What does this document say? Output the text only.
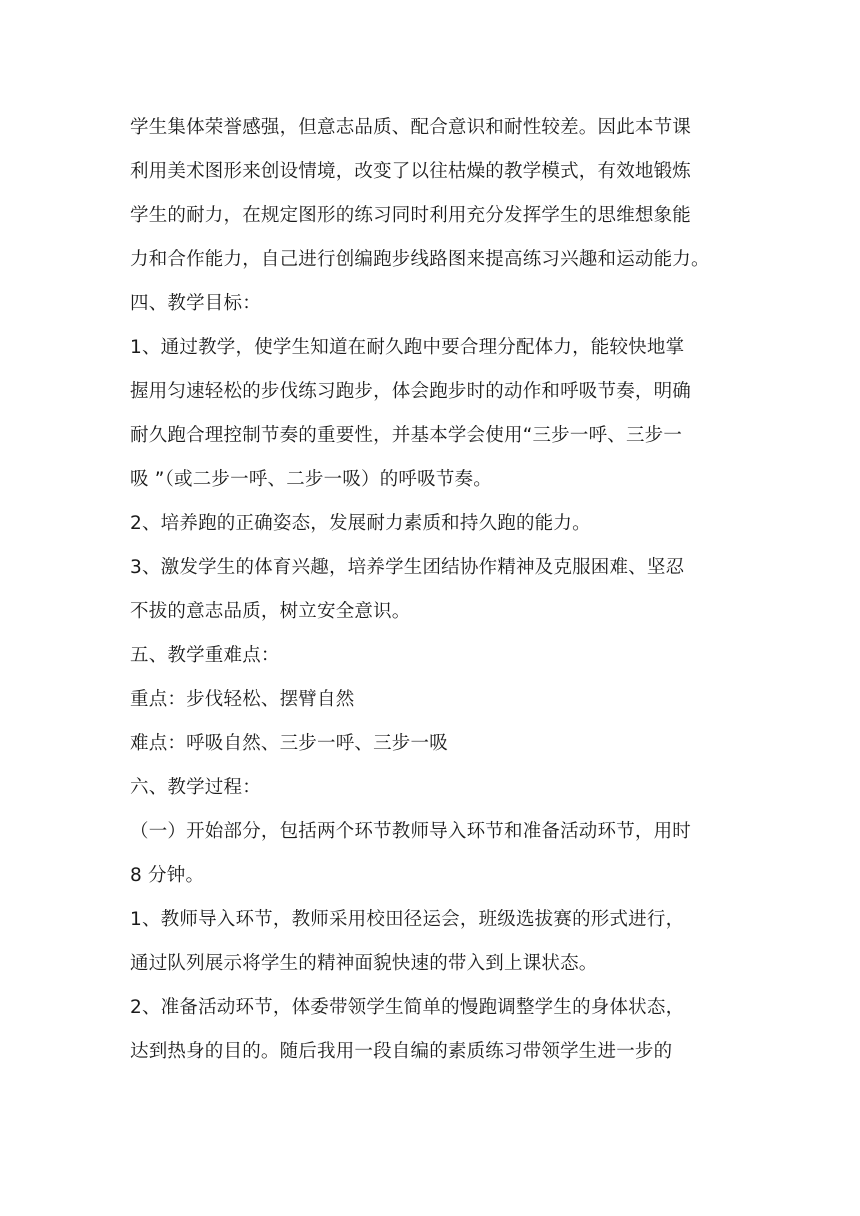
学生集体荣誉感强，但意志品质、配合意识和耐性较差。因此本节课
利用美术图形来创设情境，改变了以往枯燥的教学模式，有效地锻炼
学生的耐力，在规定图形的练习同时利用充分发挥学生的思维想象能
力和合作能力，自己进行创编跑步线路图来提高练习兴趣和运动能力。
四、教学目标：
1、通过教学，使学生知道在耐久跑中要合理分配体力，能较快地掌
握用匀速轻松的步伐练习跑步，体会跑步时的动作和呼吸节奏，明确
耐久跑合理控制节奏的重要性，并基本学会使用“三步一呼、三步一
吸 ”（或二步一呼、二步一吸）的呼吸节奏。
2、培养跑的正确姿态，发展耐力素质和持久跑的能力。
3、激发学生的体育兴趣，培养学生团结协作精神及克服困难、坚忍
不拔的意志品质，树立安全意识。
五、教学重难点：
重点：步伐轻松、摆臂自然
难点：呼吸自然、三步一呼、三步一吸
六、教学过程：
（一）开始部分，包括两个环节教师导入环节和准备活动环节，用时
8 分钟。
1、教师导入环节，教师采用校田径运会，班级选拔赛的形式进行，
通过队列展示将学生的精神面貌快速的带入到上课状态。
2、准备活动环节，体委带领学生简单的慢跑调整学生的身体状态，
达到热身的目的。随后我用一段自编的素质练习带领学生进一步的
